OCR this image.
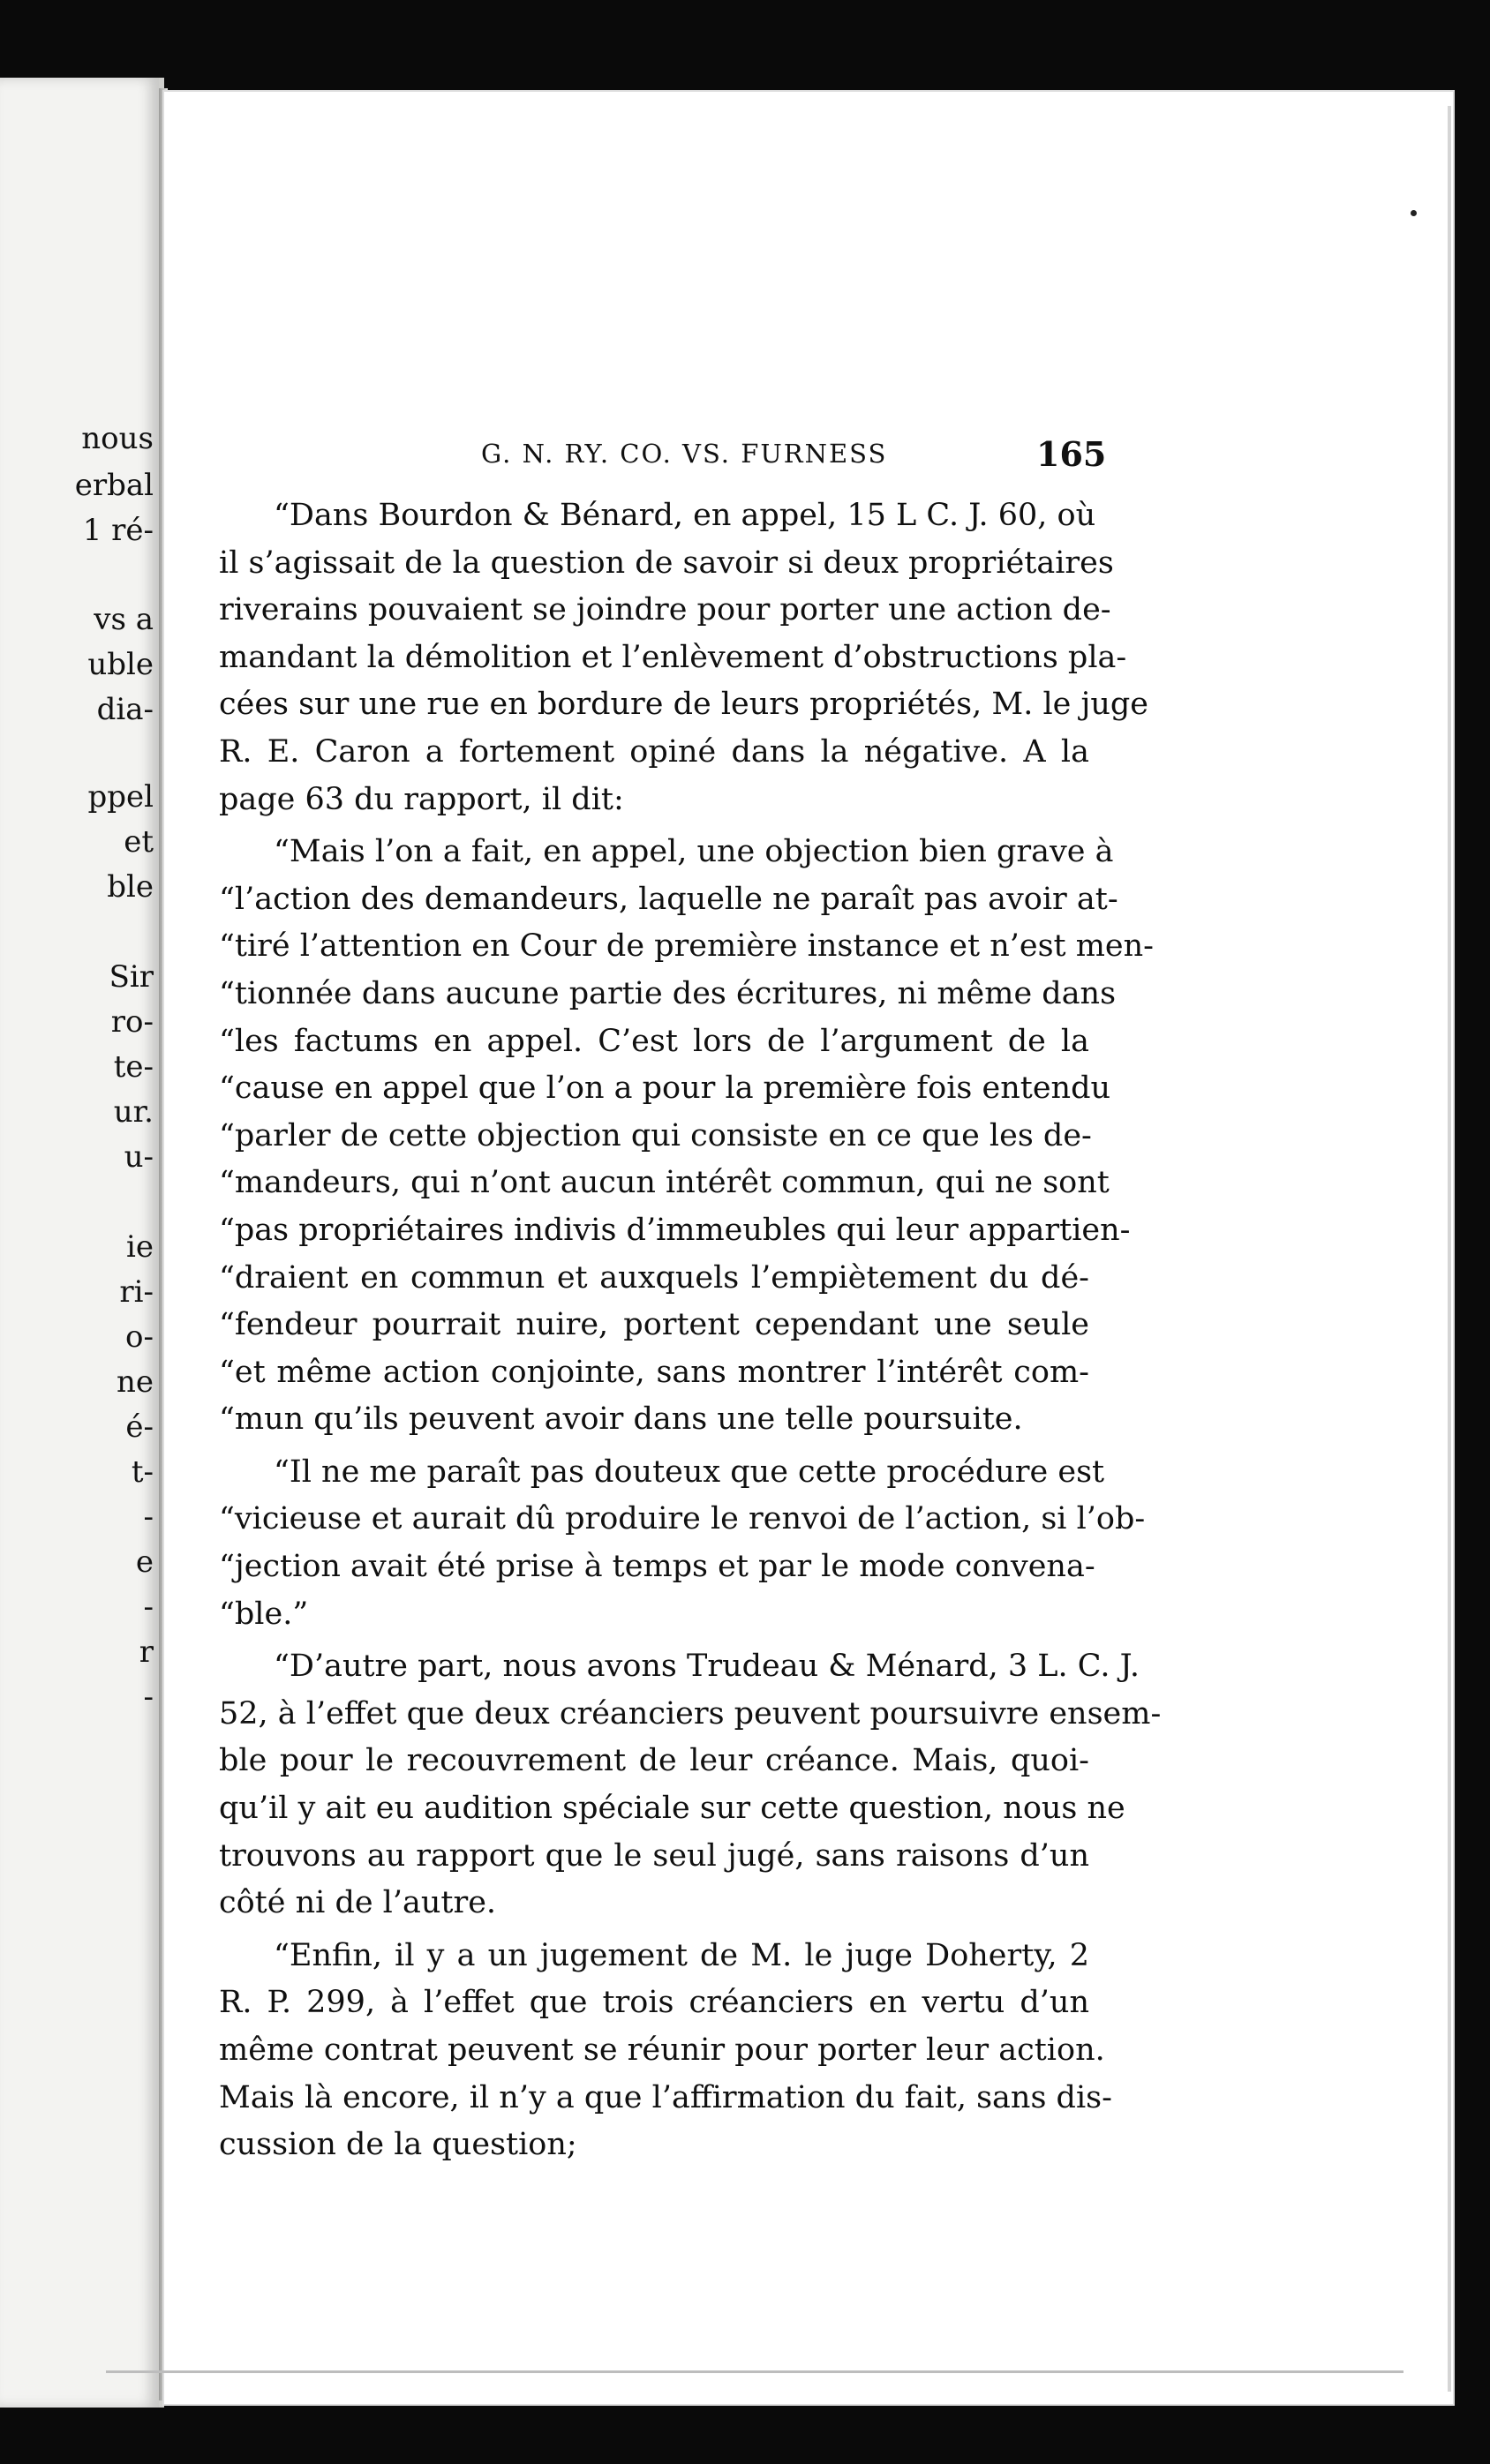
nous
erbal
1 ré-
vs a
uble
dia-
ppel
et
ble
Sir
ro-
te-
ur.
u-
ie
ri-
o-
ne
é-
t-
-
e
-
r
-
G. N. RY. CO. VS. FURNESS	165
“Dans Bourdon & Bénard, en appel, 15 L C. J. 60, où
il s’agissait de la question de savoir si deux propriétaires
riverains pouvaient se joindre pour porter une action de-
mandant la démolition et l’enlèvement d’obstructions pla-
cées sur une rue en bordure de leurs propriétés, M. le juge
R. E. Caron a fortement opiné dans la négative. A la
page 63 du rapport, il dit:
“Mais l’on a fait, en appel, une objection bien grave à
“l’action des demandeurs, laquelle ne paraît pas avoir at-
“tiré l’attention en Cour de première instance et n’est men-
“tionnée dans aucune partie des écritures, ni même dans
“les factums en appel. C’est lors de l’argument de la
“cause en appel que l’on a pour la première fois entendu
“parler de cette objection qui consiste en ce que les de-
“mandeurs, qui n’ont aucun intérêt commun, qui ne sont
“pas propriétaires indivis d’immeubles qui leur appartien-
“draient en commun et auxquels l’empiètement du dé-
“fendeur pourrait nuire, portent cependant une seule
“et même action conjointe, sans montrer l’intérêt com-
“mun qu’ils peuvent avoir dans une telle poursuite.
“Il ne me paraît pas douteux que cette procédure est
“vicieuse et aurait dû produire le renvoi de l’action, si l’ob-
“jection avait été prise à temps et par le mode convena-
“ble.”
“D’autre part, nous avons Trudeau & Ménard, 3 L. C. J.
52, à l’effet que deux créanciers peuvent poursuivre ensem-
ble pour le recouvrement de leur créance. Mais, quoi-
qu’il y ait eu audition spéciale sur cette question, nous ne
trouvons au rapport que le seul jugé, sans raisons d’un
côté ni de l’autre.
“Enfin, il y a un jugement de M. le juge Doherty, 2
R. P. 299, à l’effet que trois créanciers en vertu d’un
même contrat peuvent se réunir pour porter leur action.
Mais là encore, il n’y a que l’affirmation du fait, sans dis-
cussion de la question;
